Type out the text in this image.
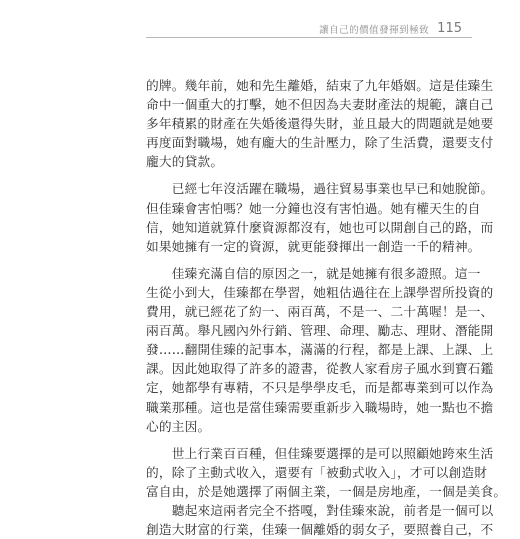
讓自己的價值發揮到極致 115
的牌。幾年前，她和先生離婚，結束了九年婚姻。這是佳臻生
命中一個重大的打擊，她不但因為夫妻財產法的規範，讓自己
多年積累的財產在失婚後還得失財，並且最大的問題就是她要
再度面對職場，她有龐大的生計壓力，除了生活費，還要支付
龐大的貸款。
　　已經七年沒活躍在職場，過往貿易事業也早已和她脫節。
但佳臻會害怕嗎？她一分鐘也沒有害怕過。她有權天生的自
信，她知道就算什麼資源都沒有，她也可以開創自己的路，而
如果她擁有一定的資源，就更能發揮出一創造一千的精神。
　　佳臻充滿自信的原因之一，就是她擁有很多證照。這一
生從小到大，佳臻都在學習，她粗估過往在上課學習所投資的
費用，就已經花了約一、兩百萬，不是一、二十萬喔！是一、
兩百萬。舉凡國內外行銷、管理、命理、勵志、理財、潛能開
發……翻開佳臻的記事本，滿滿的行程，都是上課、上課、上
課。因此她取得了許多的證書，從教人家看房子風水到寶石鑑
定，她都學有專精，不只是學學皮毛，而是都專業到可以作為
職業那種。這也是當佳臻需要重新步入職場時，她一點也不擔
心的主因。
　　世上行業百百種，但佳臻要選擇的是可以照顧她跨來生活
的，除了主動式收入，還要有「被動式收入」，才可以創造財
富自由，於是她選擇了兩個主業，一個是房地產，一個是美食。
　　聽起來這兩者完全不搭嘎，對佳臻來說，前者是一個可以
創造大財富的行業，佳臻一個離婚的弱女子，要照養自己，不
